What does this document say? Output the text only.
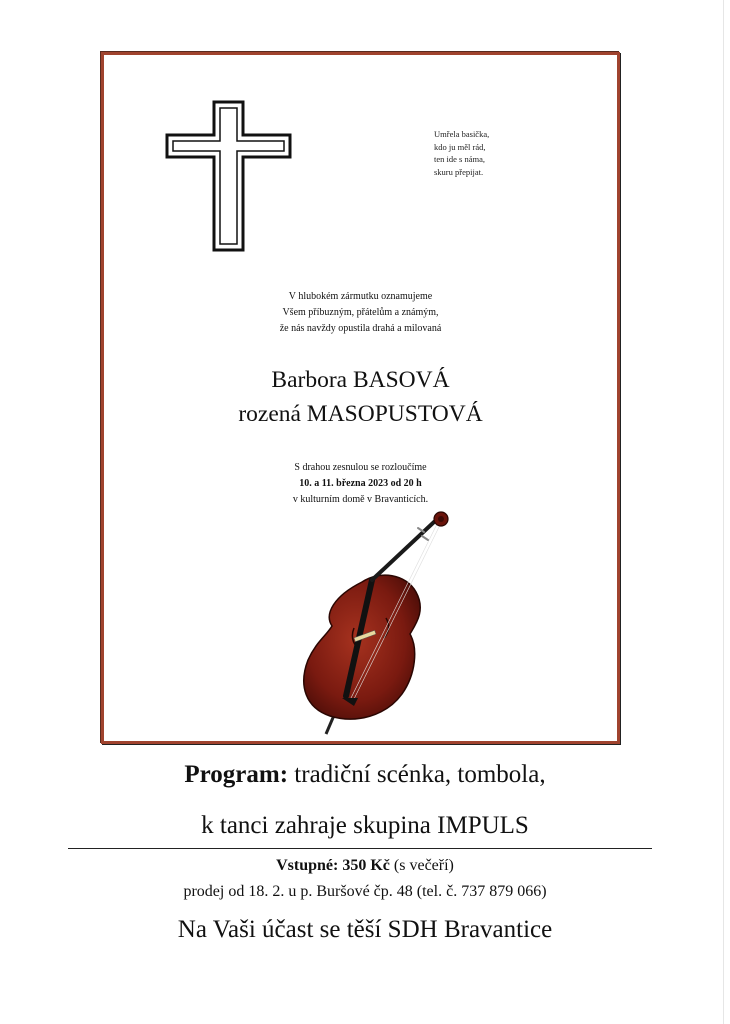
Umřela basička,
kdo ju měl rád,
ten ide s náma,
skuru přepijat.
V hlubokém zármutku oznamujeme
Všem příbuzným, přátelům a známým,
že nás navždy opustila drahá a milovaná
Barbora BASOVÁ
rozená MASOPUSTOVÁ
S drahou zesnulou se rozloučíme
10. a 11. března 2023 od 20 h
v kulturním domě v Bravanticích.
Program: tradiční scénka, tombola,
k tanci zahraje skupina IMPULS
Vstupné: 350 Kč (s večeří)
prodej od 18. 2. u p. Buršové čp. 48 (tel. č. 737 879 066)
Na Vaši účast se těší SDH Bravantice
